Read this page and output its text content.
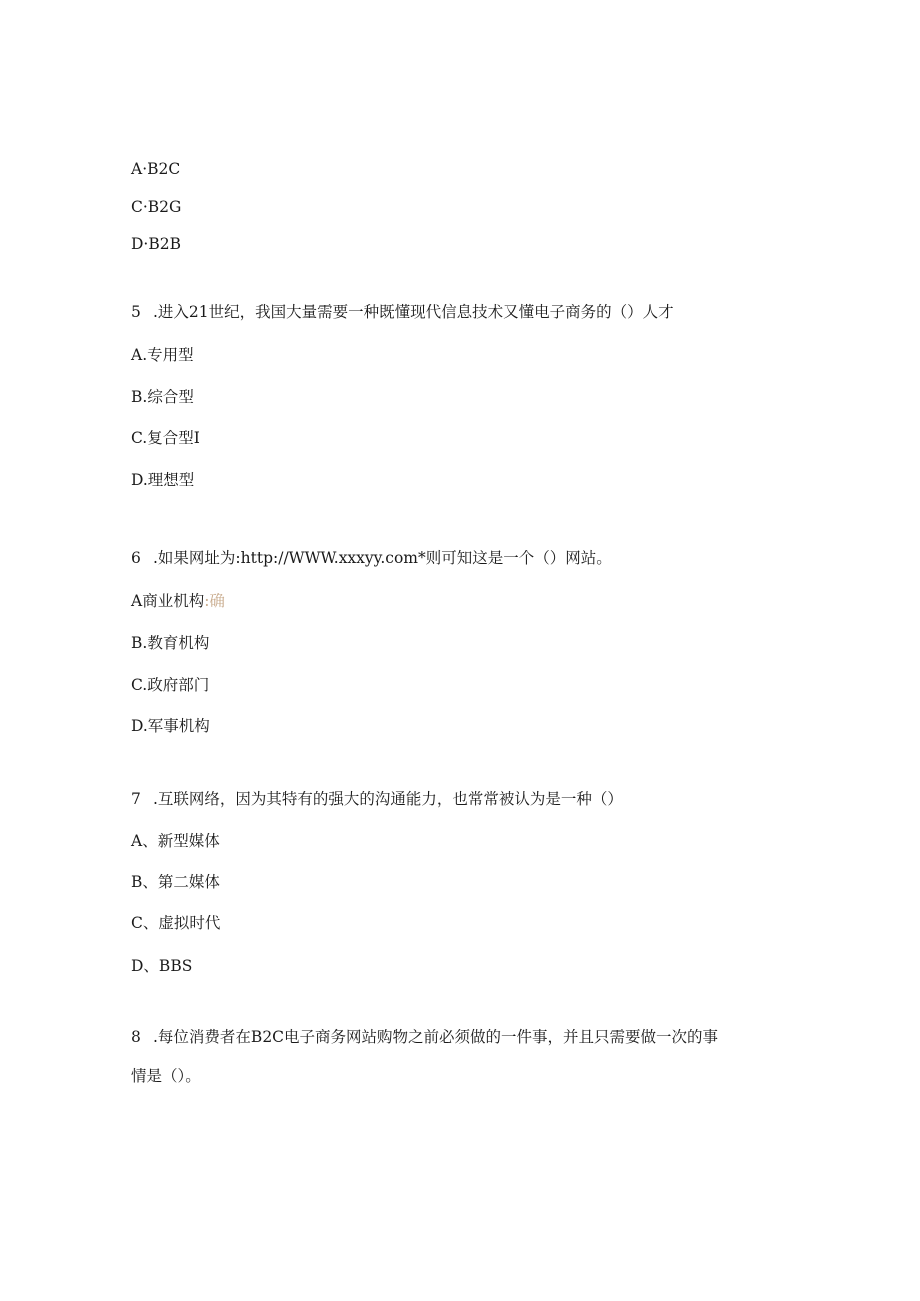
A·B2C
C·B2G
D·B2B
5 .进入21世纪，我国大量需要一种既懂现代信息技术又懂电子商务的（）人才
A.专用型
B.综合型
C.复合型I
D.理想型
6 .如果网址为:http://WWW.xxxyy.com*则可知这是一个（）网站。
A商业机构:确
B.教育机构
C.政府部门
D.军事机构
7 .互联网络，因为其特有的强大的沟通能力，也常常被认为是一种（）
A、新型媒体
B、第二媒体
C、虚拟时代
D、BBS
8 .每位消费者在B2C电子商务网站购物之前必须做的一件事，并且只需要做一次的事
情是（）。
